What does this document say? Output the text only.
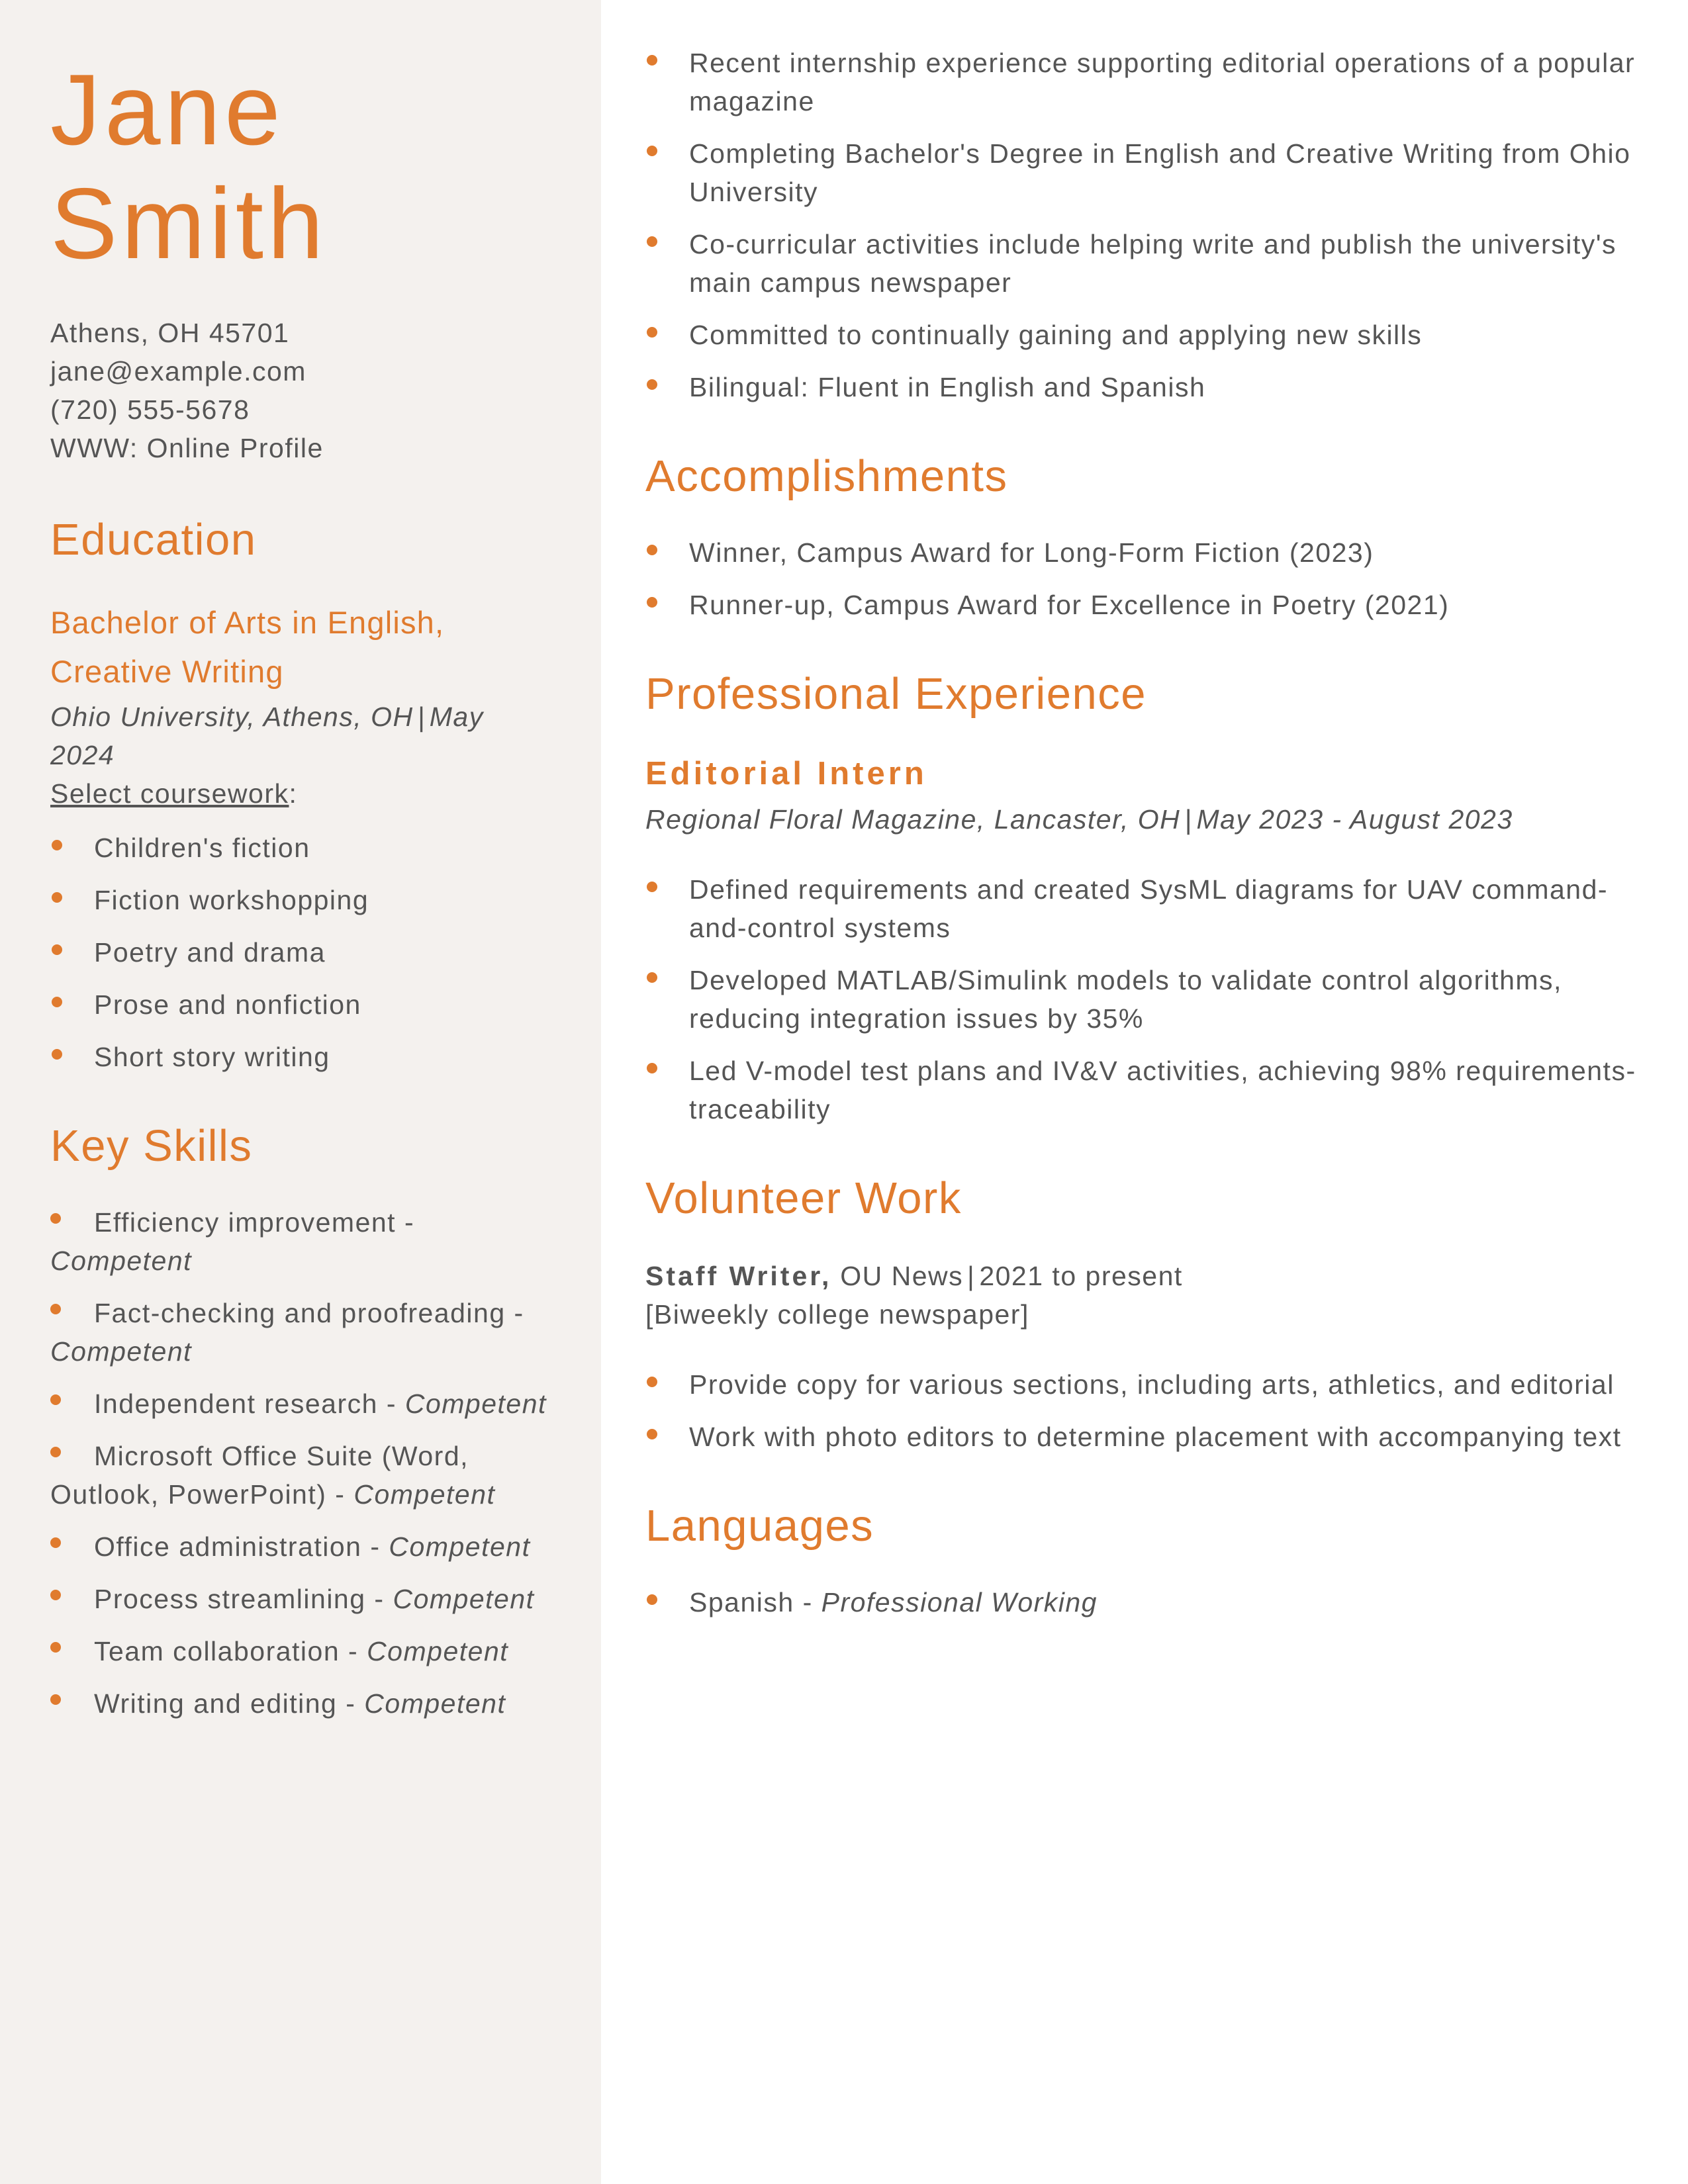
Jane
Smith
Athens, OH 45701
jane@example.com
(720) 555-5678
WWW: Online Profile
Education
Bachelor of Arts in English, Creative Writing
Ohio University, Athens, OH | May 2024
Select coursework:
Children's fiction
Fiction workshopping
Poetry and drama
Prose and nonfiction
Short story writing
Key Skills
Efficiency improvement - Competent
Fact-checking and proofreading - Competent
Independent research - Competent
Microsoft Office Suite (Word, Outlook, PowerPoint) - Competent
Office administration - Competent
Process streamlining - Competent
Team collaboration - Competent
Writing and editing - Competent
Recent internship experience supporting editorial operations of a popular magazine
Completing Bachelor's Degree in English and Creative Writing from Ohio University
Co-curricular activities include helping write and publish the university's main campus newspaper
Committed to continually gaining and applying new skills
Bilingual: Fluent in English and Spanish
Accomplishments
Winner, Campus Award for Long-Form Fiction (2023)
Runner-up, Campus Award for Excellence in Poetry (2021)
Professional Experience
Editorial Intern
Regional Floral Magazine, Lancaster, OH | May 2023 - August 2023
Defined requirements and created SysML diagrams for UAV command-and-control systems
Developed MATLAB/Simulink models to validate control algorithms, reducing integration issues by 35%
Led V-model test plans and IV&V activities, achieving 98% requirements-traceability
Volunteer Work
Staff Writer, OU News | 2021 to present
[Biweekly college newspaper]
Provide copy for various sections, including arts, athletics, and editorial
Work with photo editors to determine placement with accompanying text
Languages
Spanish - Professional Working
